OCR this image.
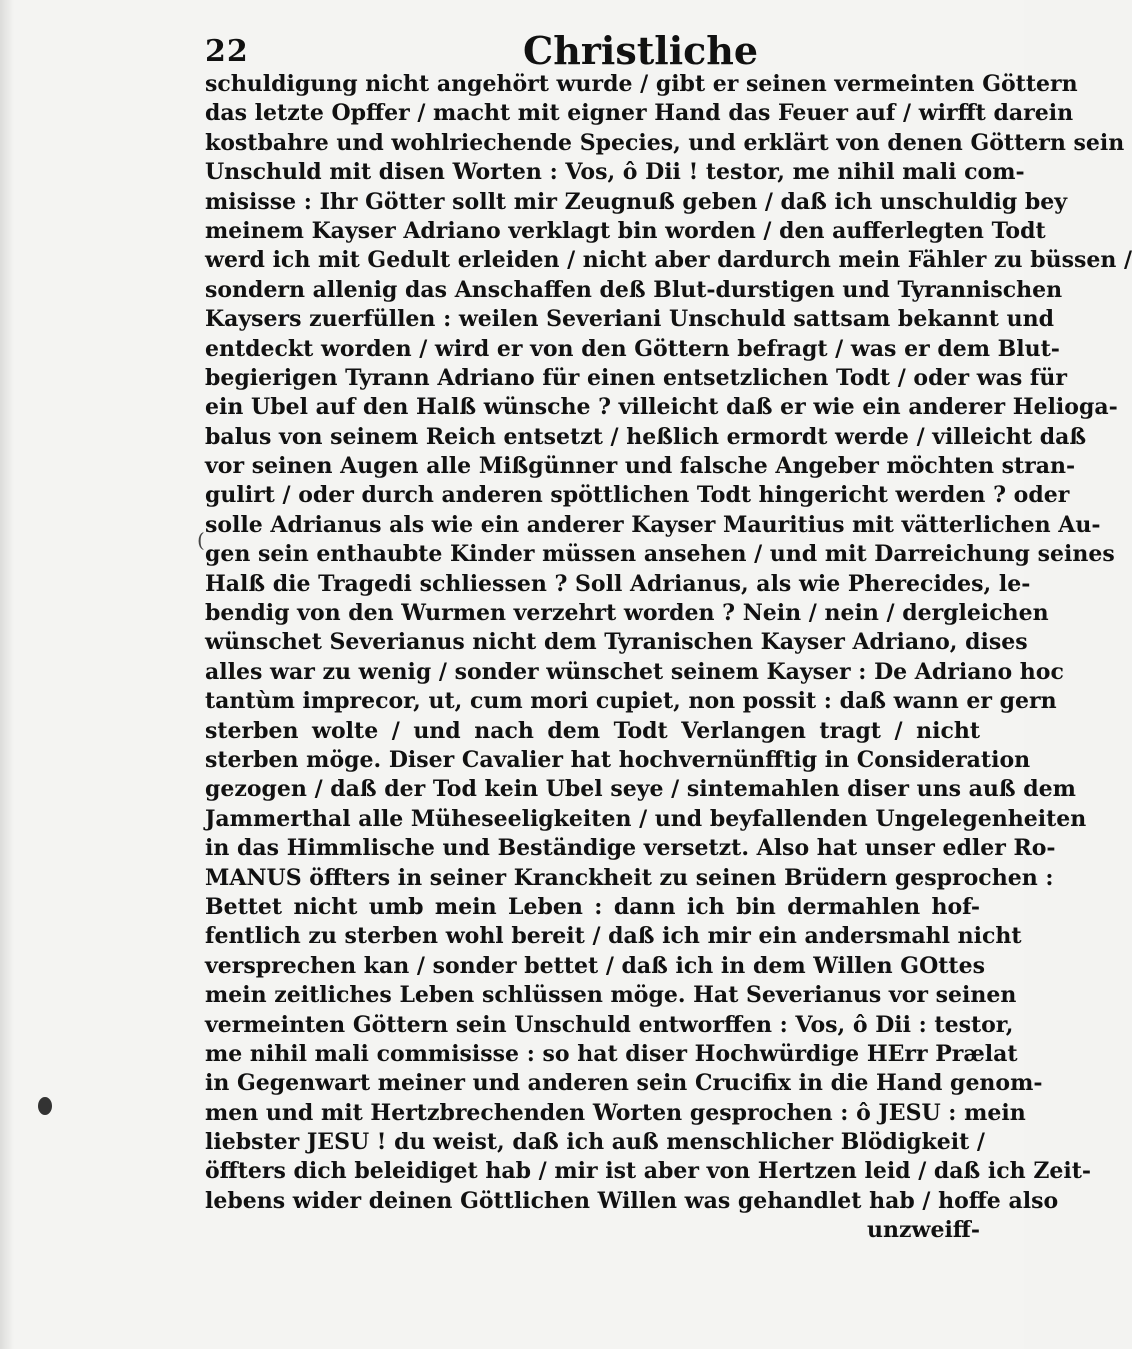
22	Christliche
(
schuldigung nicht angehört wurde / gibt er seinen vermeinten Göttern
das letzte Opffer / macht mit eigner Hand das Feuer auf / wirfft darein
kostbahre und wohlriechende Species, und erklärt von denen Göttern sein
Unschuld mit disen Worten : Vos, ô Dii ! testor, me nihil mali com-
misisse : Ihr Götter sollt mir Zeugnuß geben / daß ich unschuldig bey
meinem Kayser Adriano verklagt bin worden / den aufferlegten Todt
werd ich mit Gedult erleiden / nicht aber dardurch mein Fähler zu büssen /
sondern allenig das Anschaffen deß Blut-durstigen und Tyrannischen
Kaysers zuerfüllen : weilen Severiani Unschuld sattsam bekannt und
entdeckt worden / wird er von den Göttern befragt / was er dem Blut-
begierigen Tyrann Adriano für einen entsetzlichen Todt / oder was für
ein Ubel auf den Halß wünsche ? villeicht daß er wie ein anderer Helioga-
balus von seinem Reich entsetzt / heßlich ermordt werde / villeicht daß
vor seinen Augen alle Mißgünner und falsche Angeber möchten stran-
gulirt / oder durch anderen spöttlichen Todt hingericht werden ? oder
solle Adrianus als wie ein anderer Kayser Mauritius mit vätterlichen Au-
gen sein enthaubte Kinder müssen ansehen / und mit Darreichung seines
Halß die Tragedi schliessen ? Soll Adrianus, als wie Pherecides, le-
bendig von den Wurmen verzehrt worden ? Nein / nein / dergleichen
wünschet Severianus nicht dem Tyranischen Kayser Adriano, dises
alles war zu wenig / sonder wünschet seinem Kayser : De Adriano hoc
tantùm imprecor, ut, cum mori cupiet, non possit : daß wann er gern
sterben wolte / und nach dem Todt Verlangen tragt / nicht
sterben möge. Diser Cavalier hat hochvernünfftig in Consideration
gezogen / daß der Tod kein Ubel seye / sintemahlen diser uns auß dem
Jammerthal alle Müheseeligkeiten / und beyfallenden Ungelegenheiten
in das Himmlische und Beständige versetzt. Also hat unser edler Ro-
MANUS öffters in seiner Kranckheit zu seinen Brüdern gesprochen :
Bettet nicht umb mein Leben : dann ich bin dermahlen hof-
fentlich zu sterben wohl bereit / daß ich mir ein andersmahl nicht
versprechen kan / sonder bettet / daß ich in dem Willen GOttes
mein zeitliches Leben schlüssen möge. Hat Severianus vor seinen
vermeinten Göttern sein Unschuld entworffen : Vos, ô Dii : testor,
me nihil mali commisisse : so hat diser Hochwürdige HErr Prælat
in Gegenwart meiner und anderen sein Crucifix in die Hand genom-
men und mit Hertzbrechenden Worten gesprochen : ô JESU : mein
liebster JESU ! du weist, daß ich auß menschlicher Blödigkeit /
öffters dich beleidiget hab / mir ist aber von Hertzen leid / daß ich Zeit-
lebens wider deinen Göttlichen Willen was gehandlet hab / hoffe also
unzweiff-
